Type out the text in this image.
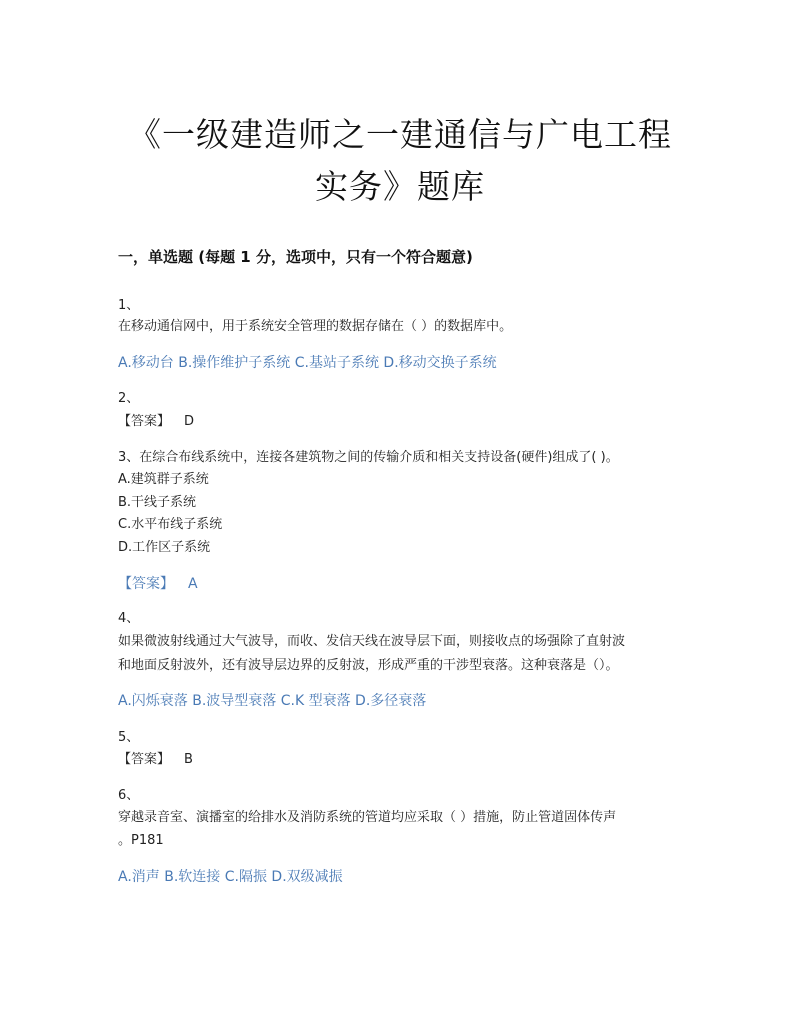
《一级建造师之一建通信与广电工程
实务》题库
一，单选题 (每题 1 分，选项中，只有一个符合题意)
1、
在移动通信网中，用于系统安全管理的数据存储在（ ）的数据库中。
A.移动台 B.操作维护子系统 C.基站子系统 D.移动交换子系统
2、
【答案】 D
3、在综合布线系统中，连接各建筑物之间的传输介质和相关支持设备(硬件)组成了( )。
A.建筑群子系统
B.干线子系统
C.水平布线子系统
D.工作区子系统
【答案】 A
4、
如果微波射线通过大气波导，而收、发信天线在波导层下面，则接收点的场强除了直射波
和地面反射波外，还有波导层边界的反射波，形成严重的干涉型衰落。这种衰落是（）。
A.闪烁衰落 B.波导型衰落 C.K 型衰落 D.多径衰落
5、
【答案】 B
6、
穿越录音室、演播室的给排水及消防系统的管道均应采取（ ）措施，防止管道固体传声
。P181
A.消声 B.软连接 C.隔振 D.双级减振
